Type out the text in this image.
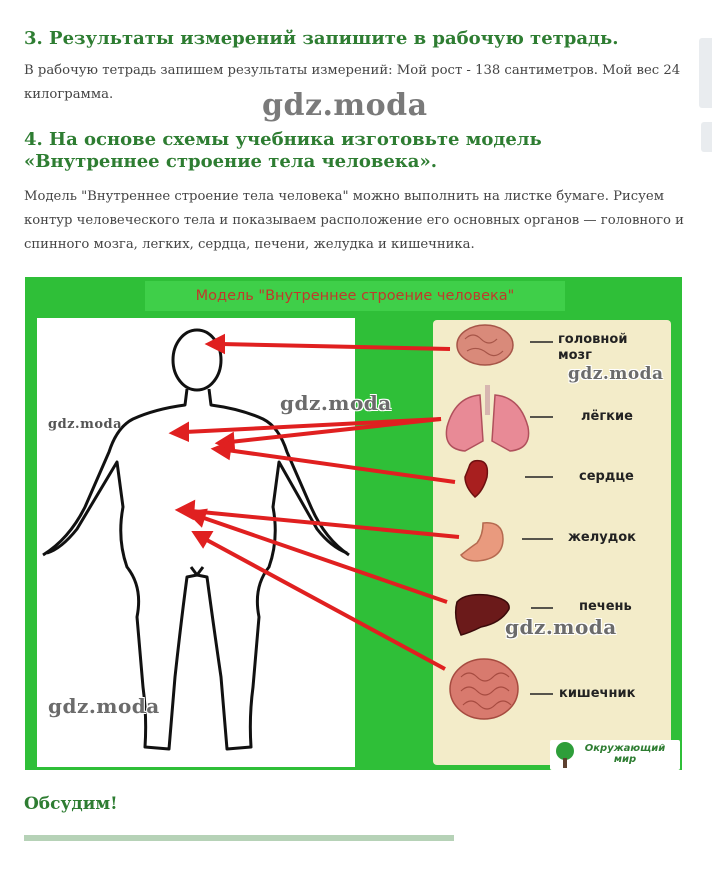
3. Результаты измерений запишите в рабочую тетрадь.

В рабочую тетрадь запишем результаты измерений: Мой рост - 138 сантиметров. Мой вес 24 килограмма.	gdz.moda
4. На основе схемы учебника изготовьте модель «Внутреннее строение тела человека».

Модель "Внутреннее строение тела человека" можно выполнить на листке бумаге. Рисуем контур человеческого тела и показываем расположение его основных органов — головного и спинного мозга, легких, сердца, печени, желудка и кишечника.

Модель "Внутреннее строение человека"
головной мозг
лёгкие
сердце
желудок
печень
кишечник
Окружающий мир
gdz.moda
gdz.moda
gdz.moda
gdz.moda
gdz.moda
Обсудим!
